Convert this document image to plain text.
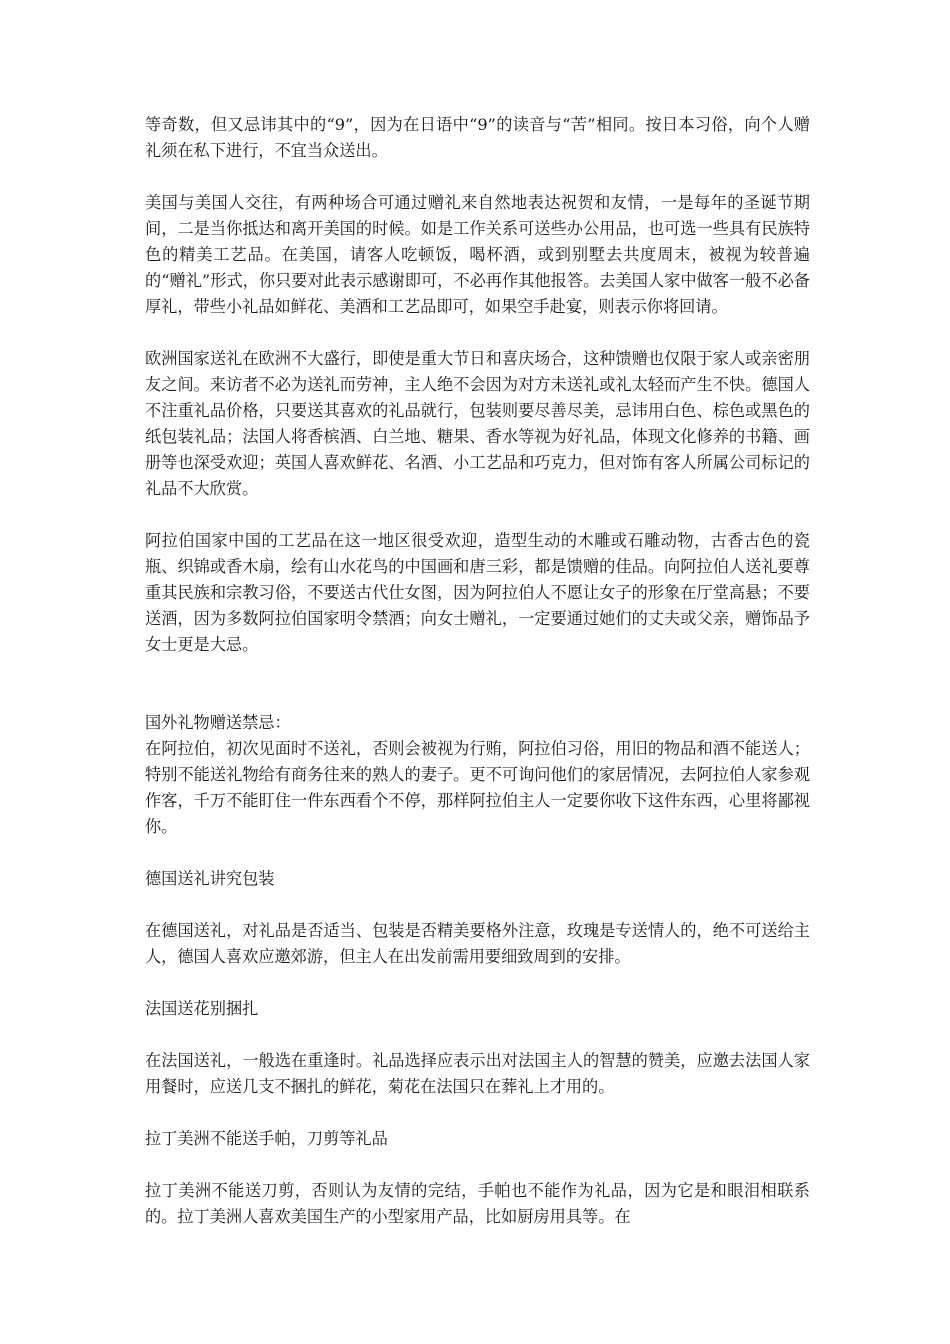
等奇数，但又忌讳其中的“9”，因为在日语中“9”的读音与“苦”相同。按日本习俗，向个人赠礼须在私下进行，不宜当众送出。

美国与美国人交往，有两种场合可通过赠礼来自然地表达祝贺和友情，一是每年的圣诞节期间，二是当你抵达和离开美国的时候。如是工作关系可送些办公用品，也可选一些具有民族特色的精美工艺品。在美国，请客人吃顿饭，喝杯酒，或到别墅去共度周末，被视为较普遍的“赠礼”形式，你只要对此表示感谢即可，不必再作其他报答。去美国人家中做客一般不必备厚礼，带些小礼品如鲜花、美酒和工艺品即可，如果空手赴宴，则表示你将回请。

欧洲国家送礼在欧洲不大盛行，即使是重大节日和喜庆场合，这种馈赠也仅限于家人或亲密朋友之间。来访者不必为送礼而劳神，主人绝不会因为对方未送礼或礼太轻而产生不快。德国人不注重礼品价格，只要送其喜欢的礼品就行，包装则要尽善尽美，忌讳用白色、棕色或黑色的纸包装礼品；法国人将香槟酒、白兰地、糖果、香水等视为好礼品，体现文化修养的书籍、画册等也深受欢迎；英国人喜欢鲜花、名酒、小工艺品和巧克力，但对饰有客人所属公司标记的礼品不大欣赏。

阿拉伯国家中国的工艺品在这一地区很受欢迎，造型生动的木雕或石雕动物，古香古色的瓷瓶、织锦或香木扇，绘有山水花鸟的中国画和唐三彩，都是馈赠的佳品。向阿拉伯人送礼要尊重其民族和宗教习俗，不要送古代仕女图，因为阿拉伯人不愿让女子的形象在厅堂高悬；不要送酒，因为多数阿拉伯国家明令禁酒；向女士赠礼，一定要通过她们的丈夫或父亲，赠饰品予女士更是大忌。

国外礼物赠送禁忌：

在阿拉伯，初次见面时不送礼，否则会被视为行贿，阿拉伯习俗，用旧的物品和酒不能送人；特别不能送礼物给有商务往来的熟人的妻子。更不可询问他们的家居情况，去阿拉伯人家参观作客，千万不能盯住一件东西看个不停，那样阿拉伯主人一定要你收下这件东西，心里将鄙视你。

德国送礼讲究包装

在德国送礼，对礼品是否适当、包装是否精美要格外注意，玫瑰是专送情人的，绝不可送给主人，德国人喜欢应邀郊游，但主人在出发前需用要细致周到的安排。

法国送花别捆扎

在法国送礼，一般选在重逢时。礼品选择应表示出对法国主人的智慧的赞美，应邀去法国人家用餐时，应送几支不捆扎的鲜花，菊花在法国只在葬礼上才用的。

拉丁美洲不能送手帕，刀剪等礼品

拉丁美洲不能送刀剪，否则认为友情的完结，手帕也不能作为礼品，因为它是和眼泪相联系的。拉丁美洲人喜欢美国生产的小型家用产品，比如厨房用具等。在
